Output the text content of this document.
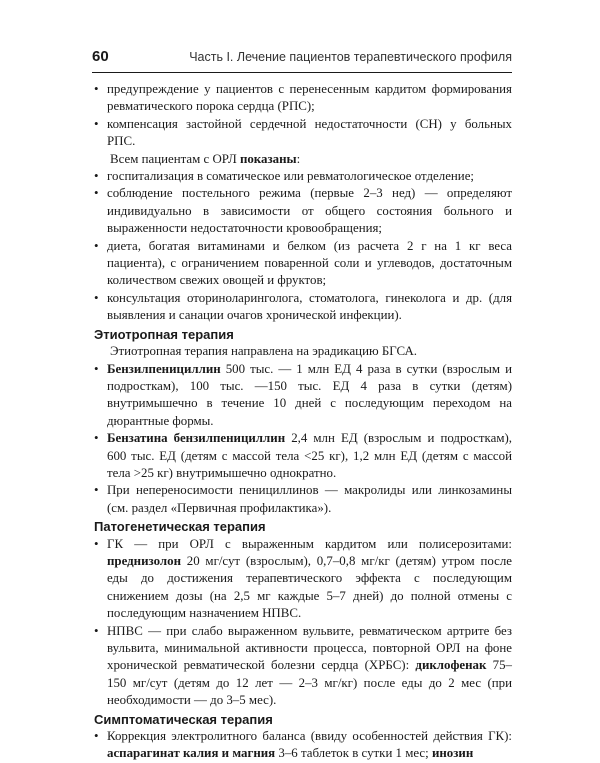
60	Часть I. Лечение пациентов терапевтического профиля
• предупреждение у пациентов с перенесенным кардитом формирования ревматического порока сердца (РПС);
• компенсация застойной сердечной недостаточности (СН) у больных РПС.

Всем пациентам с ОРЛ показаны:

• госпитализация в соматическое или ревматологическое отделение;
• соблюдение постельного режима (первые 2–3 нед) — определяют индивидуально в зависимости от общего состояния больного и выраженности недостаточности кровообращения;
• диета, богатая витаминами и белком (из расчета 2 г на 1 кг веса пациента), с ограничением поваренной соли и углеводов, достаточным количеством свежих овощей и фруктов;
• консультация оториноларинголога, стоматолога, гинеколога и др. (для выявления и санации очагов хронической инфекции).
Этиотропная терапия

Этиотропная терапия направлена на эрадикацию БГСА.

• Бензилпенициллин 500 тыс. — 1 млн ЕД 4 раза в сутки (взрослым и подросткам), 100 тыс. —150 тыс. ЕД 4 раза в сутки (детям) внутримышечно в течение 10 дней с последующим переходом на дюрантные формы.
• Бензатина бензилпенициллин 2,4 млн ЕД (взрослым и подросткам), 600 тыс. ЕД (детям с массой тела <25 кг), 1,2 млн ЕД (детям с массой тела >25 кг) внутримышечно однократно.
• При непереносимости пенициллинов — макролиды или линкозамины (см. раздел «Первичная профилактика»).
Патогенетическая терапия
• ГК — при ОРЛ с выраженным кардитом или полисерозитами: преднизолон 20 мг/сут (взрослым), 0,7–0,8 мг/кг (детям) утром после еды до достижения терапевтического эффекта с последующим снижением дозы (на 2,5 мг каждые 5–7 дней) до полной отмены с последующим назначением НПВС.
• НПВС — при слабо выраженном вульвите, ревматическом артрите без вульвита, минимальной активности процесса, повторной ОРЛ на фоне хронической ревматической болезни сердца (ХРБС): диклофенак 75–150 мг/сут (детям до 12 лет — 2–3 мг/кг) после еды до 2 мес (при необходимости — до 3–5 мес).
Симптоматическая терапия
• Коррекция электролитного баланса (ввиду особенностей действия ГК): аспарагинат калия и магния 3–6 таблеток в сутки 1 мес; инозин
